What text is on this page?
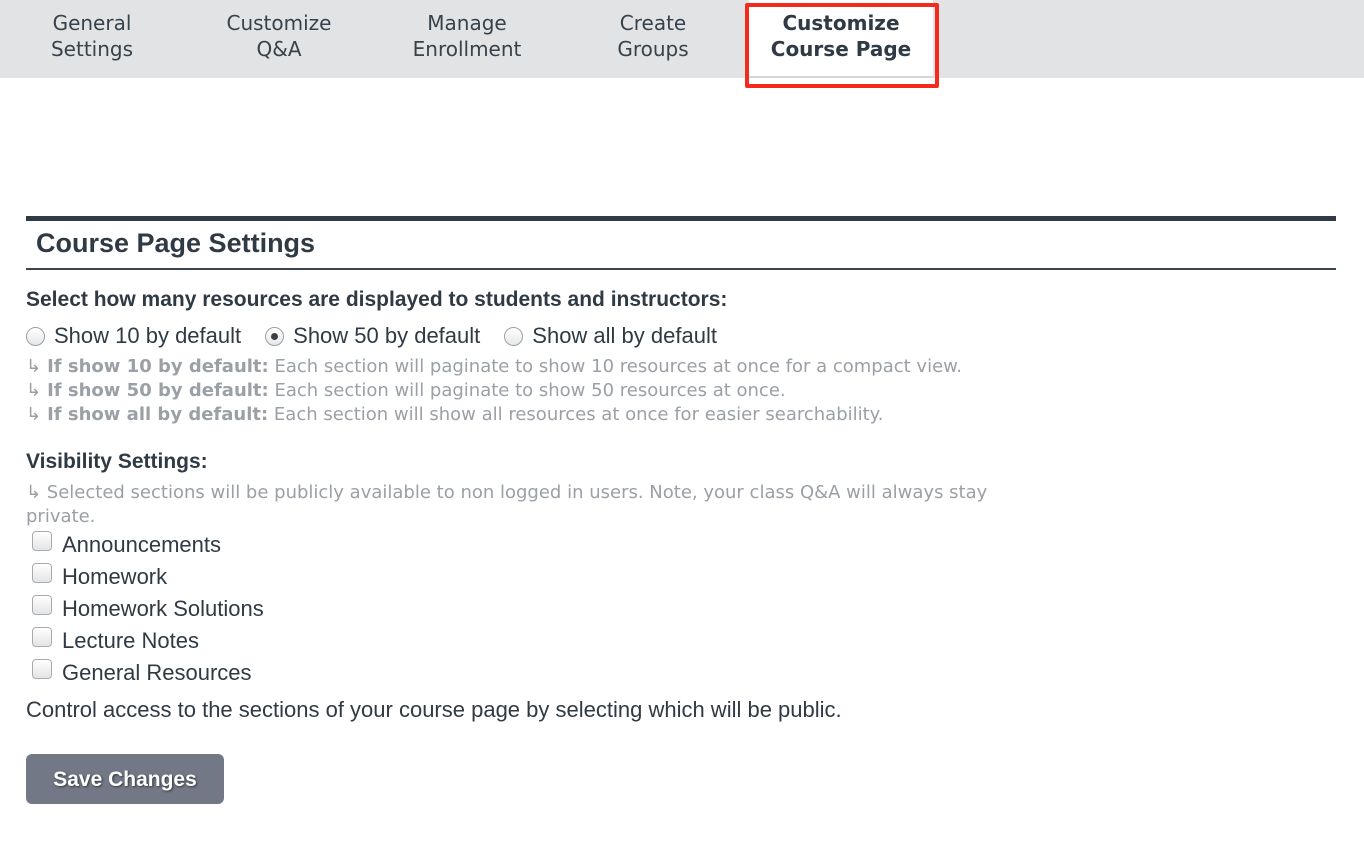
General
Settings
Customize
Q&A
Manage
Enrollment
Create
Groups
Customize
Course Page
Course Page Settings
Select how many resources are displayed to students and instructors:
Show 10 by default Show 50 by default Show all by default
↳ If show 10 by default: Each section will paginate to show 10 resources at once for a compact view.
↳ If show 50 by default: Each section will paginate to show 50 resources at once.
↳ If show all by default: Each section will show all resources at once for easier searchability.
Visibility Settings:
↳ Selected sections will be publicly available to non logged in users. Note, your class Q&A will always stay private.
Announcements
Homework
Homework Solutions
Lecture Notes
General Resources
Control access to the sections of your course page by selecting which will be public.
Save Changes
